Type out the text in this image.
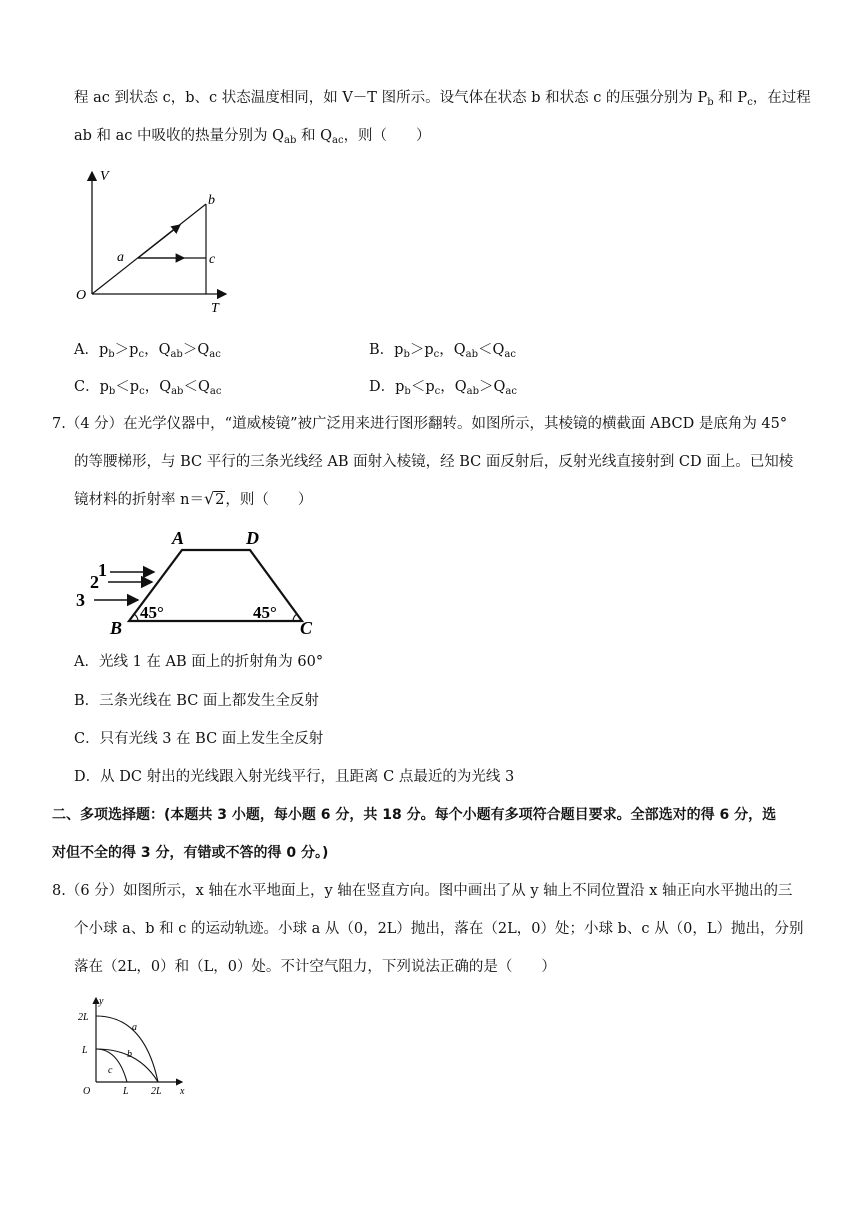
程 ac 到状态 c，b、c 状态温度相同，如 V－T 图所示。设气体在状态 b 和状态 c 的压强分别为 $P_b$ 和 $P_c$，在过程
ab 和 ac 中吸收的热量分别为 $Q_{ab}$ 和 $Q_{ac}$，则（　　）
V
T
O
a
b
c
A．$p_b>p_c$，$Q_{ab}>Q_{ac}$	B．$p_b>p_c$，$Q_{ab}<Q_{ac}$
C．$p_b<p_c$，$Q_{ab}<Q_{ac}$	D．$p_b<p_c$，$Q_{ab}>Q_{ac}$
7.（4 分）在光学仪器中，“道威棱镜”被广泛用来进行图形翻转。如图所示，其棱镜的横截面 ABCD 是底角为 45°
的等腰梯形，与 BC 平行的三条光线经 AB 面射入棱镜，经 BC 面反射后，反射光线直接射到 CD 面上。已知棱
镜材料的折射率 n＝√2，则（　　）
A	D
B	C
1
2
3
45°	45°
A．光线 1 在 AB 面上的折射角为 60°
B．三条光线在 BC 面上都发生全反射
C．只有光线 3 在 BC 面上发生全反射
D．从 DC 射出的光线跟入射光线平行，且距离 C 点最近的为光线 3
二、多项选择题：(本题共 3 小题，每小题 6 分，共 18 分。每个小题有多项符合题目要求。全部选对的得 6 分，选
对但不全的得 3 分，有错或不答的得 0 分。)
8.（6 分）如图所示，x 轴在水平地面上，y 轴在竖直方向。图中画出了从 y 轴上不同位置沿 x 轴正向水平抛出的三
个小球 a、b 和 c 的运动轨迹。小球 a 从（0，2L）抛出，落在（2L，0）处；小球 b、c 从（0，L）抛出，分别
落在（2L，0）和（L，0）处。不计空气阻力，下列说法正确的是（　　）
y
x
O
2L
L
L 2L
a
b
c
